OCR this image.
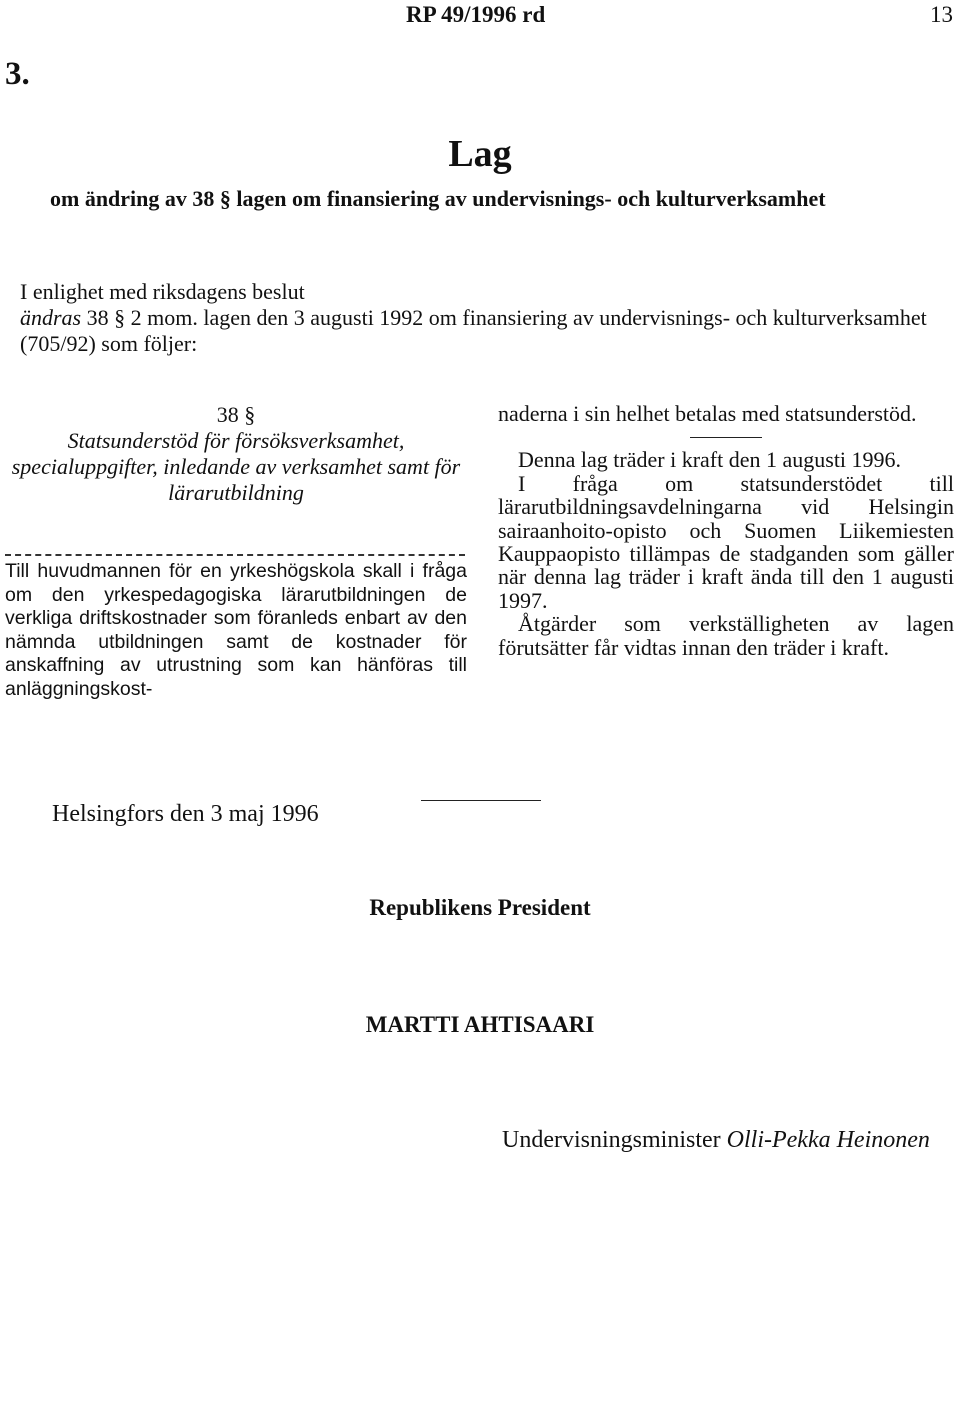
RP 49/1996 rd	13
3.
Lag
om ändring av 38 § lagen om finansiering av undervisnings- och kulturverksamhet

I enlighet med riksdagens beslut

ändras 38 § 2 mom. lagen den 3 augusti 1992 om finansiering av undervisnings- och kulturverksamhet (705/92) som följer:

38 §
Statsunderstöd för försöksverksamhet, specialuppgifter, inledande av verksamhet samt för lärarutbildning
Till huvudmannen för en yrkeshögskola skall i fråga om den yrkespedagogiska lärarutbildningen de verkliga driftskostnader som föranleds enbart av den nämnda utbildningen samt de kostnader för anskaffning av utrustning som kan hänföras till anläggningskost-

naderna i sin helhet betalas med statsunderstöd.

Denna lag träder i kraft den 1 augusti 1996.

I fråga om statsunderstödet till lärarutbildningsavdelningarna vid Helsingin sairaanhoito-opisto och Suomen Liikemiesten Kauppaopisto tillämpas de stadganden som gäller när denna lag träder i kraft ända till den 1 augusti 1997.

Åtgärder som verkställigheten av lagen förutsätter får vidtas innan den träder i kraft.

Helsingfors den 3 maj 1996
Republikens President
MARTTI AHTISAARI
Undervisningsminister Olli-Pekka Heinonen
